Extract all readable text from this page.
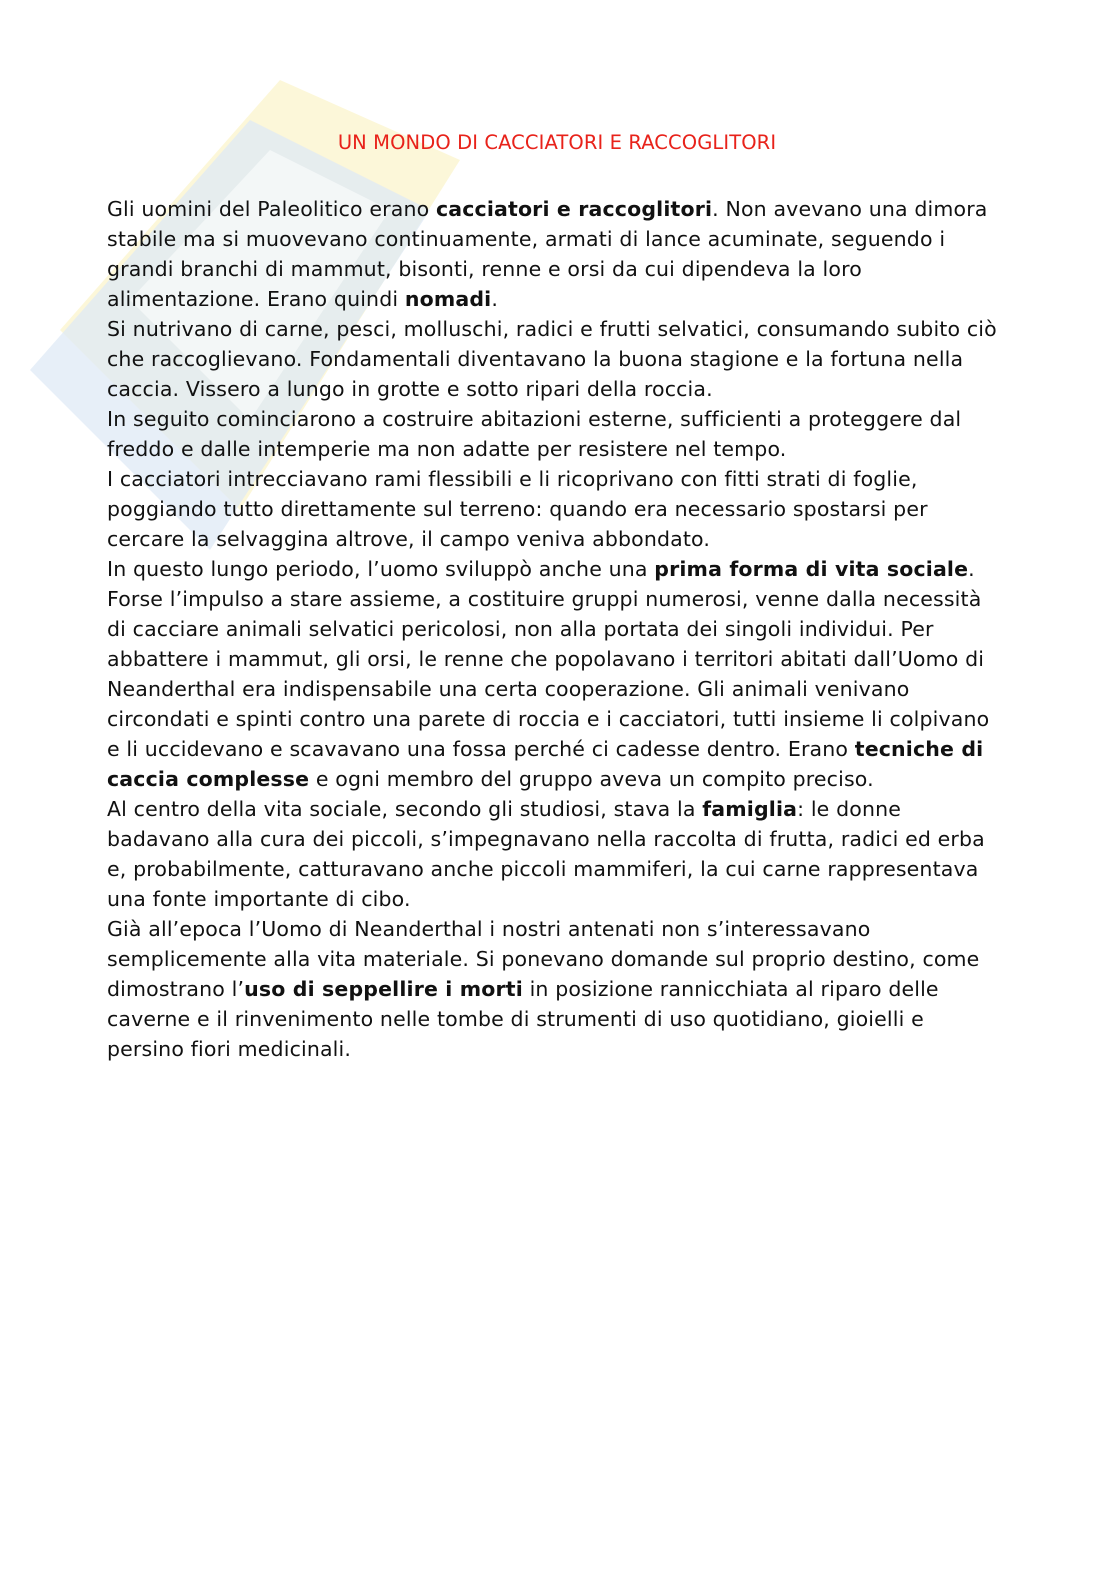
UN MONDO DI CACCIATORI E RACCOGLITORI

Gli uomini del Paleolitico erano cacciatori e raccoglitori. Non avevano una dimora stabile ma si muovevano continuamente, armati di lance acuminate, seguendo i grandi branchi di mammut, bisonti, renne e orsi da cui dipendeva la loro alimentazione. Erano quindi nomadi.

Si nutrivano di carne, pesci, molluschi, radici e frutti selvatici, consumando subito ciò che raccoglievano. Fondamentali diventavano la buona stagione e la fortuna nella caccia. Vissero a lungo in grotte e sotto ripari della roccia.

In seguito cominciarono a costruire abitazioni esterne, sufficienti a proteggere dal freddo e dalle intemperie ma non adatte per resistere nel tempo.

I cacciatori intrecciavano rami flessibili e li ricoprivano con fitti strati di foglie, poggiando tutto direttamente sul terreno: quando era necessario spostarsi per cercare la selvaggina altrove, il campo veniva abbondato.

In questo lungo periodo, l’uomo sviluppò anche una prima forma di vita sociale. Forse l’impulso a stare assieme, a costituire gruppi numerosi, venne dalla necessità di cacciare animali selvatici pericolosi, non alla portata dei singoli individui. Per abbattere i mammut, gli orsi, le renne che popolavano i territori abitati dall’Uomo di Neanderthal era indispensabile una certa cooperazione. Gli animali venivano circondati e spinti contro una parete di roccia e i cacciatori, tutti insieme li colpivano e li uccidevano e scavavano una fossa perché ci cadesse dentro. Erano tecniche di caccia complesse e ogni membro del gruppo aveva un compito preciso.

Al centro della vita sociale, secondo gli studiosi, stava la famiglia: le donne badavano alla cura dei piccoli, s’impegnavano nella raccolta di frutta, radici ed erba e, probabilmente, catturavano anche piccoli mammiferi, la cui carne rappresentava una fonte importante di cibo.

Già all’epoca l’Uomo di Neanderthal i nostri antenati non s’interessavano semplicemente alla vita materiale. Si ponevano domande sul proprio destino, come dimostrano l’uso di seppellire i morti in posizione rannicchiata al riparo delle caverne e il rinvenimento nelle tombe di strumenti di uso quotidiano, gioielli e persino fiori medicinali.
